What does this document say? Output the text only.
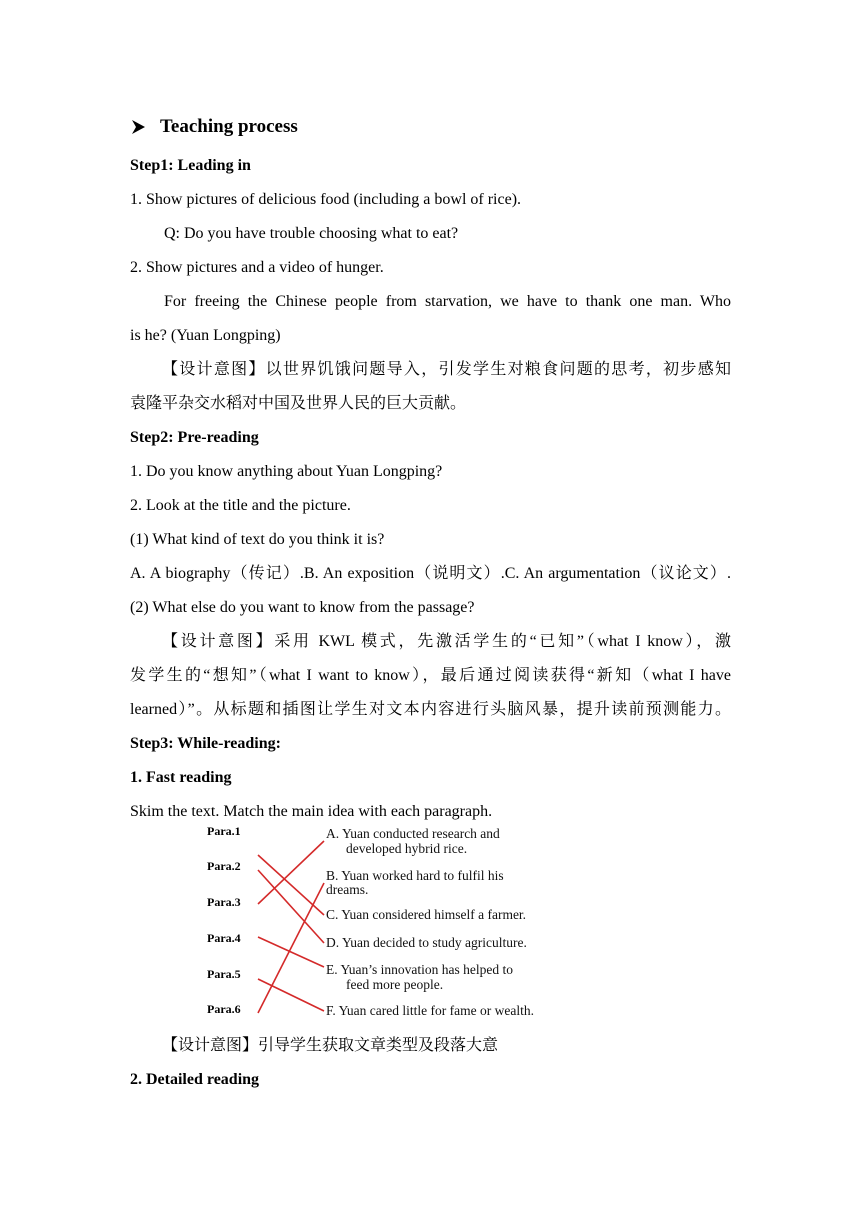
Teaching process
Step1: Leading in
1. Show pictures of delicious food (including a bowl of rice).
Q: Do you have trouble choosing what to eat?
2. Show pictures and a video of hunger.
For freeing the Chinese people from starvation, we have to thank one man. Who
is he? (Yuan Longping)
【设计意图】以世界饥饿问题导入，引发学生对粮食问题的思考，初步感知
袁隆平杂交水稻对中国及世界人民的巨大贡献。
Step2: Pre-reading
1. Do you know anything about Yuan Longping?
2. Look at the title and the picture.
(1) What kind of text do you think it is?
A. A biography（传记）.B. An exposition（说明文）.C. An argumentation（议论文）.
(2) What else do you want to know from the passage?
【设计意图】采用 KWL 模式，先激活学生的“已知”（what I know），激
发学生的“想知”（what I want to know），最后通过阅读获得“新知（what I have
learned）”。从标题和插图让学生对文本内容进行头脑风暴，提升读前预测能力。
Step3: While-reading:
1. Fast reading
Skim the text. Match the main idea with each paragraph.
Para.1
Para.2
Para.3
Para.4
Para.5
Para.6
A. Yuan conducted research and
developed hybrid rice.
B. Yuan worked hard to fulfil his
dreams.
C. Yuan considered himself a farmer.
D. Yuan decided to study agriculture.
E. Yuan’s innovation has helped to
feed more people.
F. Yuan cared little for fame or wealth.
【设计意图】引导学生获取文章类型及段落大意
2. Detailed reading
